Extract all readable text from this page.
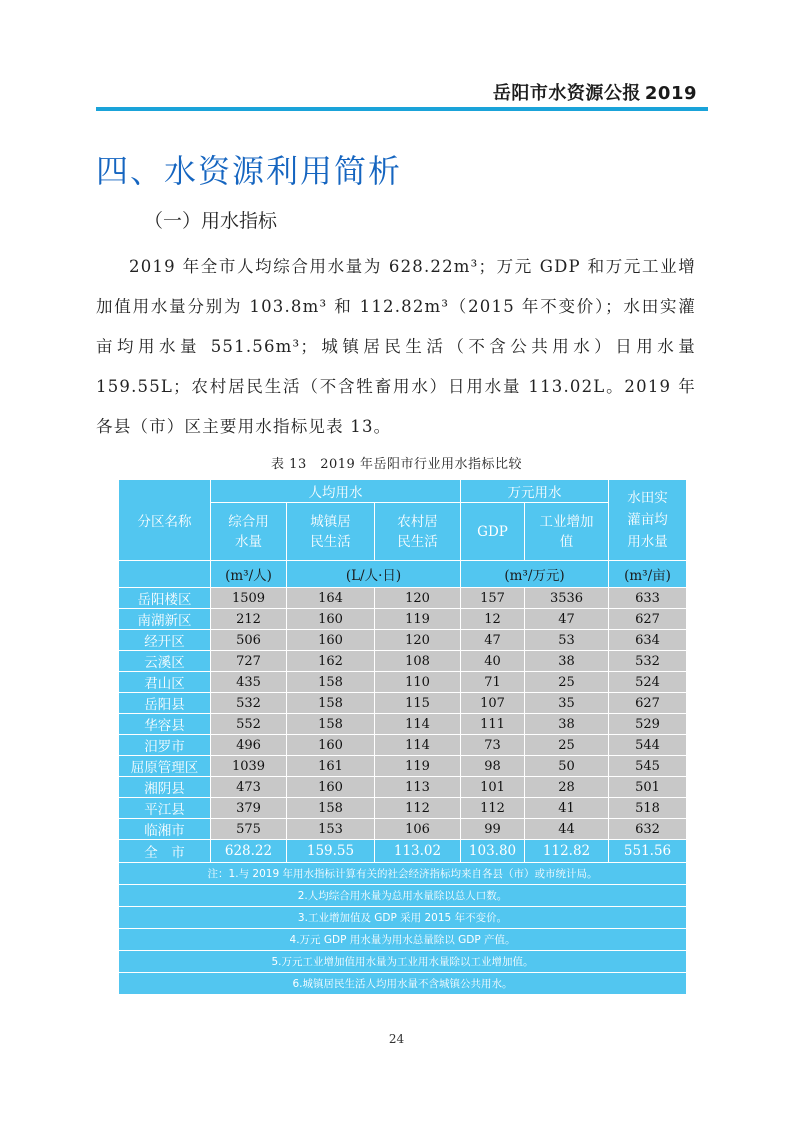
岳阳市水资源公报 2019
四、水资源利用简析
（一）用水指标

2019 年全市人均综合用水量为 628.22m³；万元 GDP 和万元工业增加值用水量分别为 103.8m³ 和 112.82m³（2015 年不变价）；水田实灌亩均用水量 551.56m³；城镇居民生活（不含公共用水）日用水量 159.55L；农村居民生活（不含牲畜用水）日用水量 113.02L。2019 年各县（市）区主要用水指标见表 13。

表 13　2019 年岳阳市行业用水指标比较
分区名称	人均用水			万元用水		水田实灌亩均用水量
	综合用水量	城镇居民生活	农村居民生活	GDP	工业增加值	
	(m³/人)	(L/人·日)		(m³/万元)		(m³/亩)
岳阳楼区	1509	164	120	157	3536	633
南湖新区	212	160	119	12	47	627
经开区	506	160	120	47	53	634
云溪区	727	162	108	40	38	532
君山区	435	158	110	71	25	524
岳阳县	532	158	115	107	35	627
华容县	552	158	114	111	38	529
汨罗市	496	160	114	73	25	544
屈原管理区	1039	161	119	98	50	545
湘阴县	473	160	113	101	28	501
平江县	379	158	112	112	41	518
临湘市	575	153	106	99	44	632
全　市	628.22	159.55	113.02	103.80	112.82	551.56
注：1.与 2019 年用水指标计算有关的社会经济指标均来自各县（市）或市统计局。						
2.人均综合用水量为总用水量除以总人口数。						
3.工业增加值及 GDP 采用 2015 年不变价。						
4.万元 GDP 用水量为用水总量除以 GDP 产值。						
5.万元工业增加值用水量为工业用水量除以工业增加值。						
6.城镇居民生活人均用水量不含城镇公共用水。						
24
